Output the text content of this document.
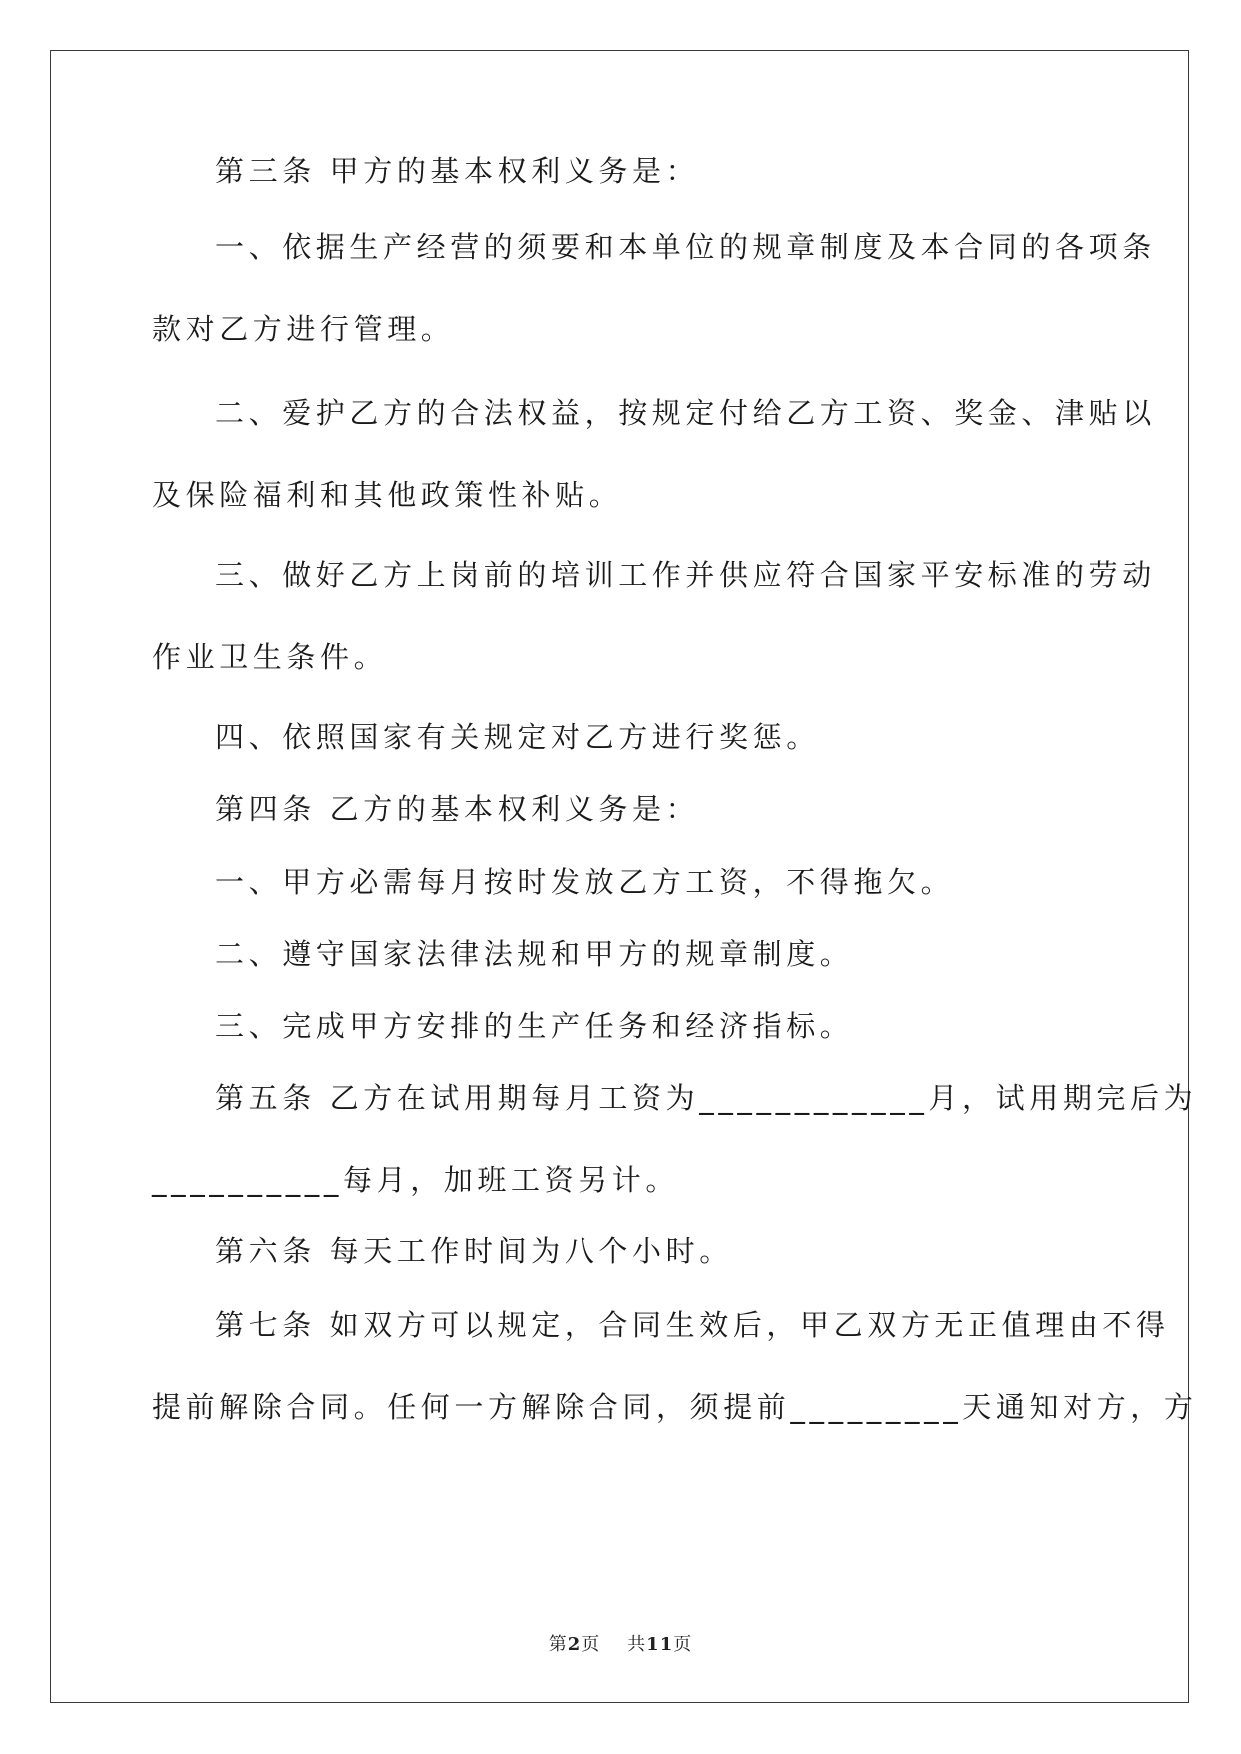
第三条 甲方的基本权利义务是：

一、依据生产经营的须要和本单位的规章制度及本合同的各项条
款对乙方进行管理。

二、爱护乙方的合法权益，按规定付给乙方工资、奖金、津贴以
及保险福利和其他政策性补贴。

三、做好乙方上岗前的培训工作并供应符合国家平安标准的劳动
作业卫生条件。

四、依照国家有关规定对乙方进行奖惩。

第四条 乙方的基本权利义务是：

一、甲方必需每月按时发放乙方工资，不得拖欠。

二、遵守国家法律法规和甲方的规章制度。

三、完成甲方安排的生产任务和经济指标。

第五条 乙方在试用期每月工资为____________月，试用期完后为
__________每月，加班工资另计。

第六条 每天工作时间为八个小时。

第七条 如双方可以规定，合同生效后，甲乙双方无正值理由不得
提前解除合同。任何一方解除合同，须提前_________天通知对方，方

第2页 共11页
